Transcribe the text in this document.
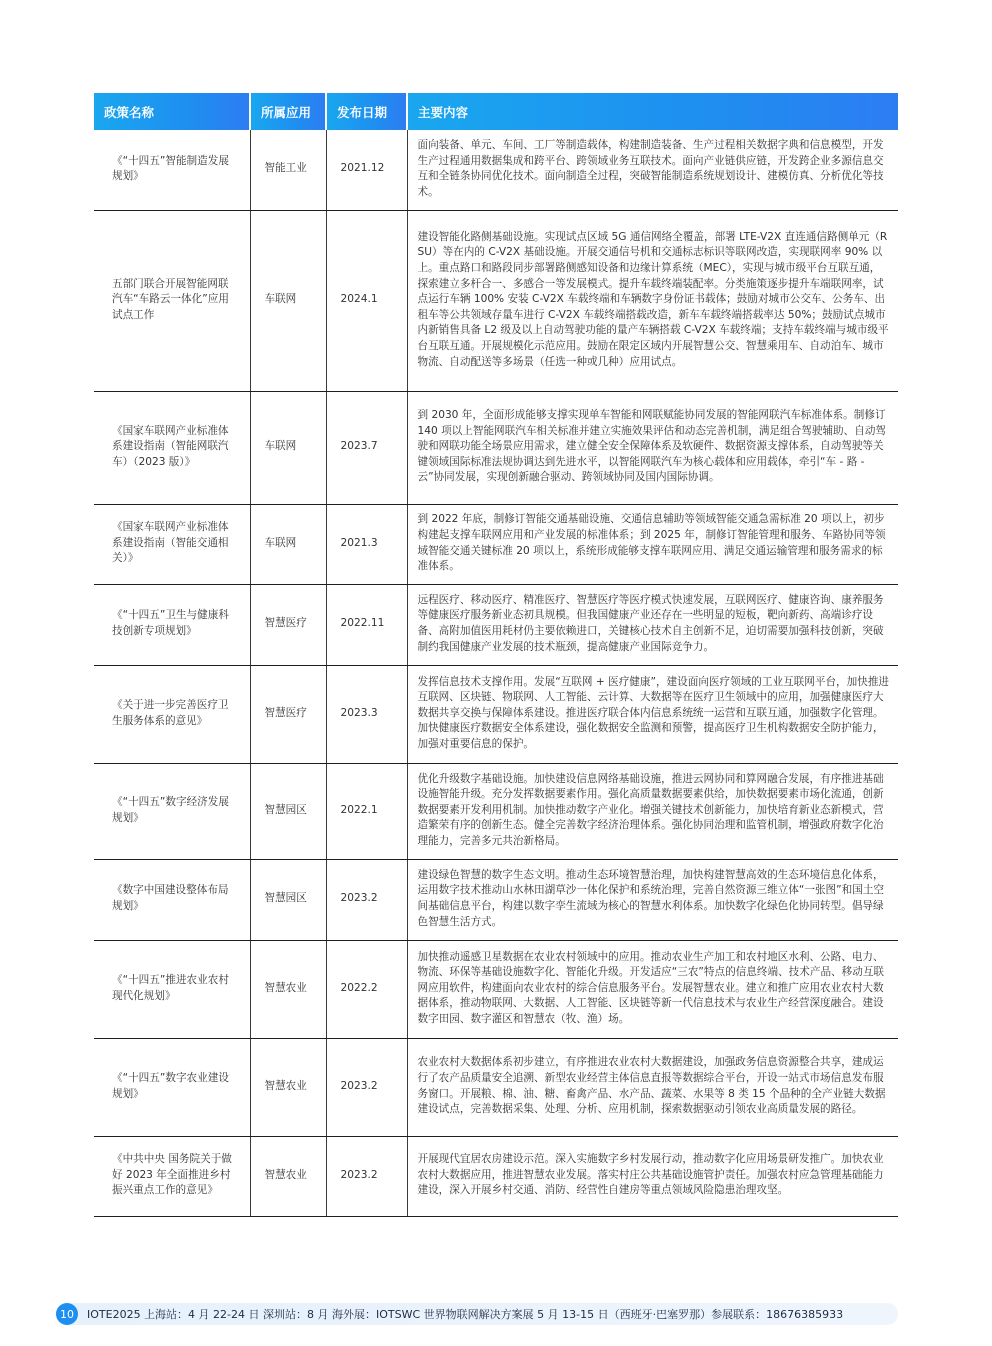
政策名称	所属应用	发布日期	主要内容
《“十四五”智能制造发展规划》	智能工业	2021.12	面向装备、单元、车间、工厂等制造载体，构建制造装备、生产过程相关数据字典和信息模型，开发生产过程通用数据集成和跨平台、跨领域业务互联技术。面向产业链供应链，开发跨企业多源信息交互和全链条协同优化技术。面向制造全过程，突破智能制造系统规划设计、建模仿真、分析优化等技术。
五部门联合开展智能网联汽车“车路云一体化”应用试点工作	车联网	2024.1	建设智能化路侧基础设施。实现试点区域 5G 通信网络全覆盖，部署 LTE-V2X 直连通信路侧单元（RSU）等在内的 C-V2X 基础设施。开展交通信号机和交通标志标识等联网改造，实现联网率 90% 以上。重点路口和路段同步部署路侧感知设备和边缘计算系统（MEC），实现与城市级平台互联互通，探索建立多杆合一、多感合一等发展模式。提升车载终端装配率。分类施策逐步提升车端联网率，试点运行车辆 100% 安装 C-V2X 车载终端和车辆数字身份证书载体；鼓励对城市公交车、公务车、出租车等公共领域存量车进行 C-V2X 车载终端搭载改造，新车车载终端搭载率达 50%；鼓励试点城市内新销售具备 L2 级及以上自动驾驶功能的量产车辆搭载 C-V2X 车载终端；支持车载终端与城市级平台互联互通。开展规模化示范应用。鼓励在限定区域内开展智慧公交、智慧乘用车、自动泊车、城市物流、自动配送等多场景（任选一种或几种）应用试点。
《国家车联网产业标准体系建设指南（智能网联汽车）（2023 版）》	车联网	2023.7	到 2030 年，全面形成能够支撑实现单车智能和网联赋能协同发展的智能网联汽车标准体系。制修订 140 项以上智能网联汽车相关标准并建立实施效果评估和动态完善机制，满足组合驾驶辅助、自动驾驶和网联功能全场景应用需求，建立健全安全保障体系及软硬件、数据资源支撑体系，自动驾驶等关键领域国际标准法规协调达到先进水平，以智能网联汽车为核心载体和应用载体，牵引“车 - 路 - 云”协同发展，实现创新融合驱动、跨领域协同及国内国际协调。
《国家车联网产业标准体系建设指南（智能交通相关）》	车联网	2021.3	到 2022 年底，制修订智能交通基础设施、交通信息辅助等领域智能交通急需标准 20 项以上，初步构建起支撑车联网应用和产业发展的标准体系；到 2025 年，制修订智能管理和服务、车路协同等领域智能交通关键标准 20 项以上，系统形成能够支撑车联网应用、满足交通运输管理和服务需求的标准体系。
《“十四五”卫生与健康科技创新专项规划》	智慧医疗	2022.11	远程医疗、移动医疗、精准医疗、智慧医疗等医疗模式快速发展，互联网医疗、健康咨询、康养服务等健康医疗服务新业态初具规模。但我国健康产业还存在一些明显的短板，靶向新药、高端诊疗设备、高附加值医用耗材仍主要依赖进口，关键核心技术自主创新不足，迫切需要加强科技创新，突破制约我国健康产业发展的技术瓶颈，提高健康产业国际竞争力。
《关于进一步完善医疗卫生服务体系的意见》	智慧医疗	2023.3	发挥信息技术支撑作用。发展“互联网 + 医疗健康”，建设面向医疗领域的工业互联网平台，加快推进互联网、区块链、物联网、人工智能、云计算、大数据等在医疗卫生领域中的应用，加强健康医疗大数据共享交换与保障体系建设。推进医疗联合体内信息系统统一运营和互联互通，加强数字化管理。加快健康医疗数据安全体系建设，强化数据安全监测和预警，提高医疗卫生机构数据安全防护能力，加强对重要信息的保护。
《“十四五”数字经济发展规划》	智慧园区	2022.1	优化升级数字基础设施。加快建设信息网络基础设施，推进云网协同和算网融合发展，有序推进基础设施智能升级。充分发挥数据要素作用。强化高质量数据要素供给，加快数据要素市场化流通，创新数据要素开发利用机制。加快推动数字产业化。增强关键技术创新能力，加快培育新业态新模式，营造繁荣有序的创新生态。健全完善数字经济治理体系。强化协同治理和监管机制，增强政府数字化治理能力，完善多元共治新格局。
《数字中国建设整体布局规划》	智慧园区	2023.2	建设绿色智慧的数字生态文明。推动生态环境智慧治理，加快构建智慧高效的生态环境信息化体系，运用数字技术推动山水林田湖草沙一体化保护和系统治理，完善自然资源三维立体“一张图”和国土空间基础信息平台，构建以数字孪生流域为核心的智慧水利体系。加快数字化绿色化协同转型。倡导绿色智慧生活方式。
《“十四五”推进农业农村现代化规划》	智慧农业	2022.2	加快推动遥感卫星数据在农业农村领域中的应用。推动农业生产加工和农村地区水利、公路、电力、物流、环保等基础设施数字化、智能化升级。开发适应“三农”特点的信息终端、技术产品、移动互联网应用软件，构建面向农业农村的综合信息服务平台。发展智慧农业。建立和推广应用农业农村大数据体系，推动物联网、大数据、人工智能、区块链等新一代信息技术与农业生产经营深度融合。建设数字田园、数字灌区和智慧农（牧、渔）场。
《“十四五”数字农业建设规划》	智慧农业	2023.2	农业农村大数据体系初步建立，有序推进农业农村大数据建设，加强政务信息资源整合共享，建成运行了农产品质量安全追溯、新型农业经营主体信息直报等数据综合平台，开设一站式市场信息发布服务窗口。开展粮、棉、油、糖、畜禽产品、水产品、蔬菜、水果等 8 类 15 个品种的全产业链大数据建设试点，完善数据采集、处理、分析、应用机制，探索数据驱动引领农业高质量发展的路径。
《中共中央 国务院关于做好 2023 年全面推进乡村振兴重点工作的意见》	智慧农业	2023.2	开展现代宜居农房建设示范。深入实施数字乡村发展行动，推动数字化应用场景研发推广。加快农业农村大数据应用，推进智慧农业发展。落实村庄公共基础设施管护责任。加强农村应急管理基础能力建设，深入开展乡村交通、消防、经营性自建房等重点领域风险隐患治理攻坚。
10	IOTE2025 上海站：4 月 22-24 日 深圳站：8 月 海外展：IOTSWC 世界物联网解决方案展 5 月 13-15 日（西班牙·巴塞罗那）参展联系：18676385933
